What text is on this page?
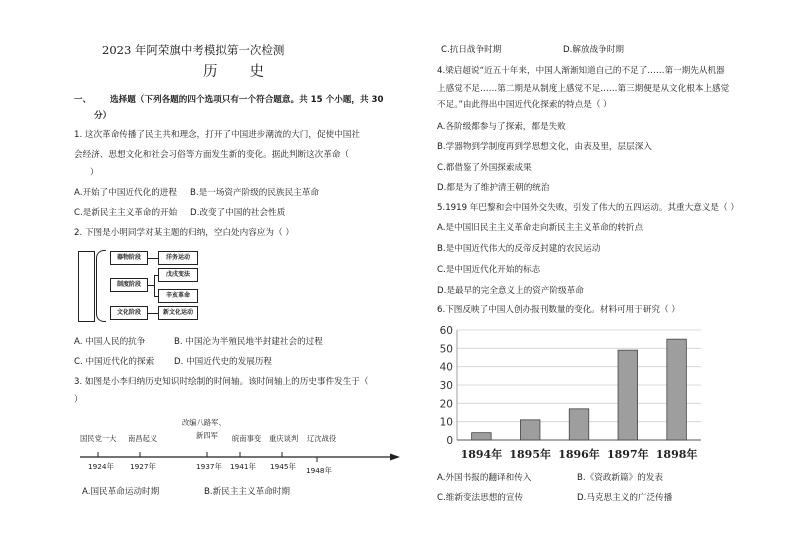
2023 年阿荣旗中考模拟第一次检测
历 史
一、 选择题（下列各题的四个选项只有一个符合题意。共 15 个小题，共 30
分）
1. 这次革命传播了民主共和理念，打开了中国进步潮流的大门，促使中国社
会经济、思想文化和社会习俗等方面发生新的变化。据此判断这次革命（
）
A.开始了中国近代化的进程 B.是一场资产阶级的民族民主革命
C.是新民主主义革命的开始 D.改变了中国的社会性质
2. 下图是小明同学对某主题的归纳，空白处内容应为（ ）
器物阶段
制度阶段
文化阶段
洋务运动
戊戌变法
辛亥革命
新文化运动
A. 中国人民的抗争	B. 中国沦为半殖民地半封建社会的过程
C. 中国近代化的探索 D. 中国近代史的发展历程
3. 如图是小李归纳历史知识时绘制的时间轴。该时间轴上的历史事件发生于（
）
改编八路军、
新四军
国民党一大 南昌起义	皖南事变 重庆谈判 辽沈战役
1924年 1927年	1937年 1941年 1945年 1948年
A.国民革命运动时期	B.新民主主义革命时期
C.抗日战争时期	D.解放战争时期
4.梁启超说“近五十年来，中国人渐渐知道自己的不足了……第一期先从机器
上感觉不足……第二期是从制度上感觉不足……第三期便是从文化根本上感觉
不足。”由此得出中国近代化探索的特点是（ ）
A.各阶级都参与了探索，都是失败
B.学器物到学制度再到学思想文化，由表及里，层层深入
C.都借鉴了外国探索成果
D.都是为了维护清王朝的统治
5.1919 年巴黎和会中国外交失败，引发了伟大的五四运动。其重大意义是（ ）
A.是中国旧民主主义革命走向新民主主义革命的转折点
B.是中国近代伟大的反帝反封建的农民运动
C.是中国近代化开始的标志
D.是最早的完全意义上的资产阶级革命
6.下图反映了中国人创办报刊数量的变化。材料可用于研究（ ）
0
10
20
30
40
50
60
1894年 1895年 1896年 1897年 1898年
A.外国书报的翻译和传入	B.《资政新篇》的发表
C.维新变法思想的宣传	D.马克思主义的广泛传播
